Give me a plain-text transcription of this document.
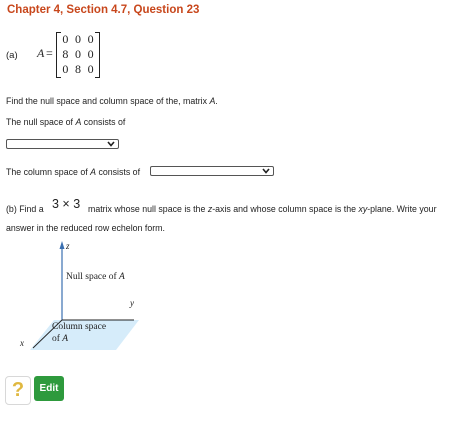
Chapter 4, Section 4.7, Question 23
(a) A =
0 0 0
8 0 0
0 8 0
Find the null space and column space of the, matrix A.
The null space of A consists of
The column space of A consists of
(b) Find a 3 × 3 matrix whose null space is the z-axis and whose column space is the xy-plane. Write your
answer in the reduced row echelon form.
z
Null space of A
y
Column space
of A
x
?	Edit
